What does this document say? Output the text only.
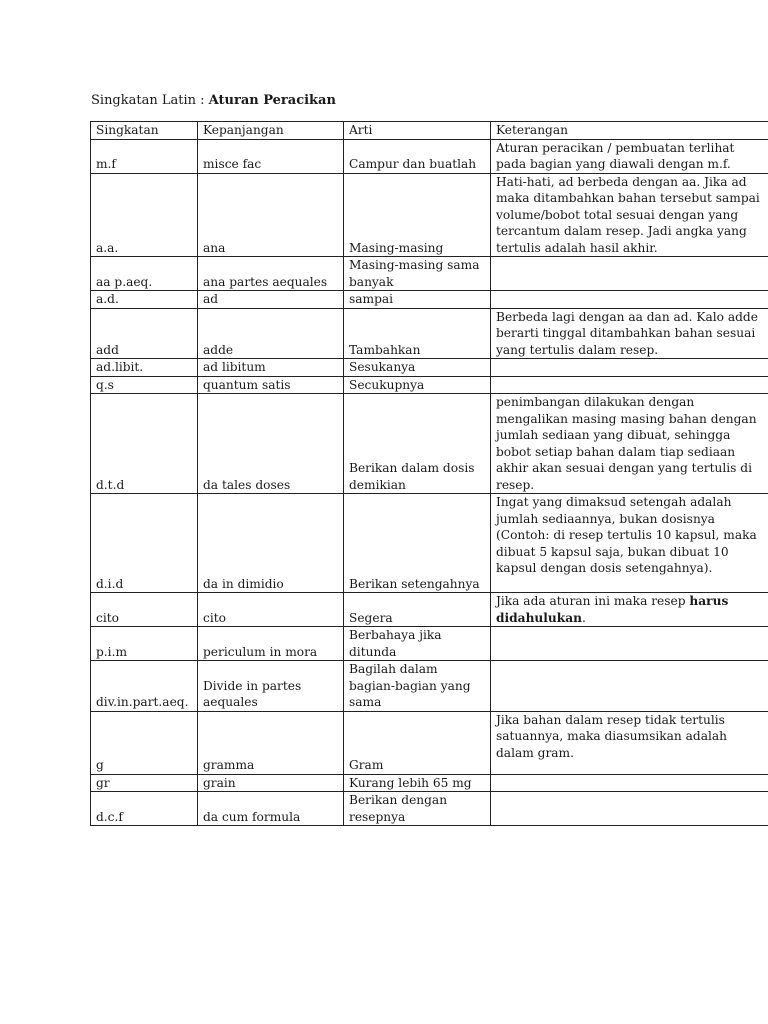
Singkatan Latin : Aturan Peracikan
Singkatan	Kepanjangan	Arti	Keterangan
m.f	misce fac	Campur dan buatlah	Aturan peracikan / pembuatan terlihat pada bagian yang diawali dengan m.f.
a.a.	ana	Masing-masing	Hati-hati, ad berbeda dengan aa. Jika ad maka ditambahkan bahan tersebut sampai volume/bobot total sesuai dengan yang tercantum dalam resep. Jadi angka yang tertulis adalah hasil akhir.
aa p.aeq.	ana partes aequales	Masing-masing sama banyak	
a.d.	ad	sampai	
add	adde	Tambahkan	Berbeda lagi dengan aa dan ad. Kalo adde berarti tinggal ditambahkan bahan sesuai yang tertulis dalam resep.
ad.libit.	ad libitum	Sesukanya	
q.s	quantum satis	Secukupnya	
d.t.d	da tales doses	Berikan dalam dosis demikian	penimbangan dilakukan dengan mengalikan masing masing bahan dengan jumlah sediaan yang dibuat, sehingga bobot setiap bahan dalam tiap sediaan akhir akan sesuai dengan yang tertulis di resep.
d.i.d	da in dimidio	Berikan setengahnya	Ingat yang dimaksud setengah adalah jumlah sediaannya, bukan dosisnya (Contoh: di resep tertulis 10 kapsul, maka dibuat 5 kapsul saja, bukan dibuat 10 kapsul dengan dosis setengahnya).
cito	cito	Segera	Jika ada aturan ini maka resep harus didahulukan.
p.i.m	periculum in mora	Berbahaya jika ditunda	
div.in.part.aeq.	Divide in partes aequales	Bagilah dalam bagian-bagian yang sama	
g	gramma	Gram	Jika bahan dalam resep tidak tertulis satuannya, maka diasumsikan adalah dalam gram.
gr	grain	Kurang lebih 65 mg	
d.c.f	da cum formula	Berikan dengan resepnya	
